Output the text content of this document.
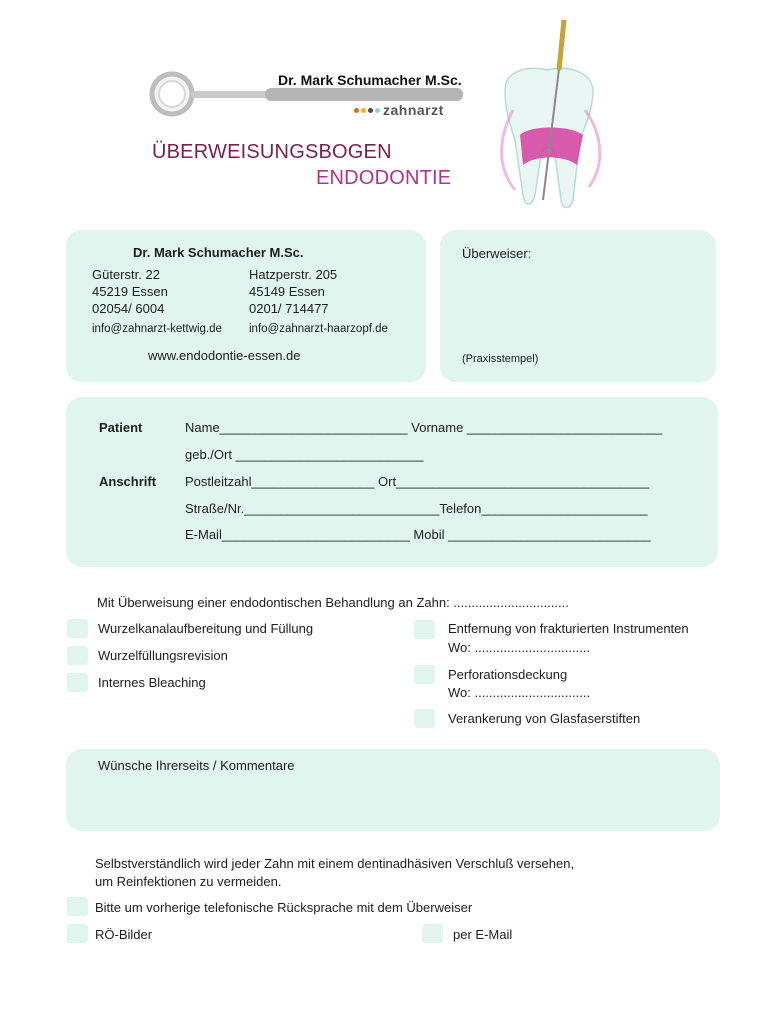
Dr. Mark Schumacher M.Sc.
zahnarzt
ÜBERWEISUNGSBOGEN
ENDODONTIE
Dr. Mark Schumacher M.Sc.
Güterstr. 22
45219 Essen
02054/ 6004
info@zahnarzt-kettwig.de
Hatzperstr. 205
45149 Essen
0201/ 714477
info@zahnarzt-haarzopf.de
www.endodontie-essen.de
Überweiser:
(Praxisstempel)
Patient
Anschrift
Name__________________________ Vorname ___________________________
geb./Ort __________________________
Postleitzahl_________________ Ort___________________________________
Straße/Nr.___________________________Telefon_______________________
E-Mail__________________________ Mobil ____________________________
Mit Überweisung einer endodontischen Behandlung an Zahn: ................................
Wurzelkanalaufbereitung und Füllung
Wurzelfüllungsrevision
Internes Bleaching
Entfernung von frakturierten Instrumenten
Wo: ................................
Perforationsdeckung
Wo: ................................
Verankerung von Glasfaserstiften
Wünsche Ihrerseits / Kommentare
Selbstverständlich wird jeder Zahn mit einem dentinadhäsiven Verschluß versehen,
um Reinfektionen zu vermeiden.
Bitte um vorherige telefonische Rücksprache mit dem Überweiser
RÖ-Bilder	per E-Mail
